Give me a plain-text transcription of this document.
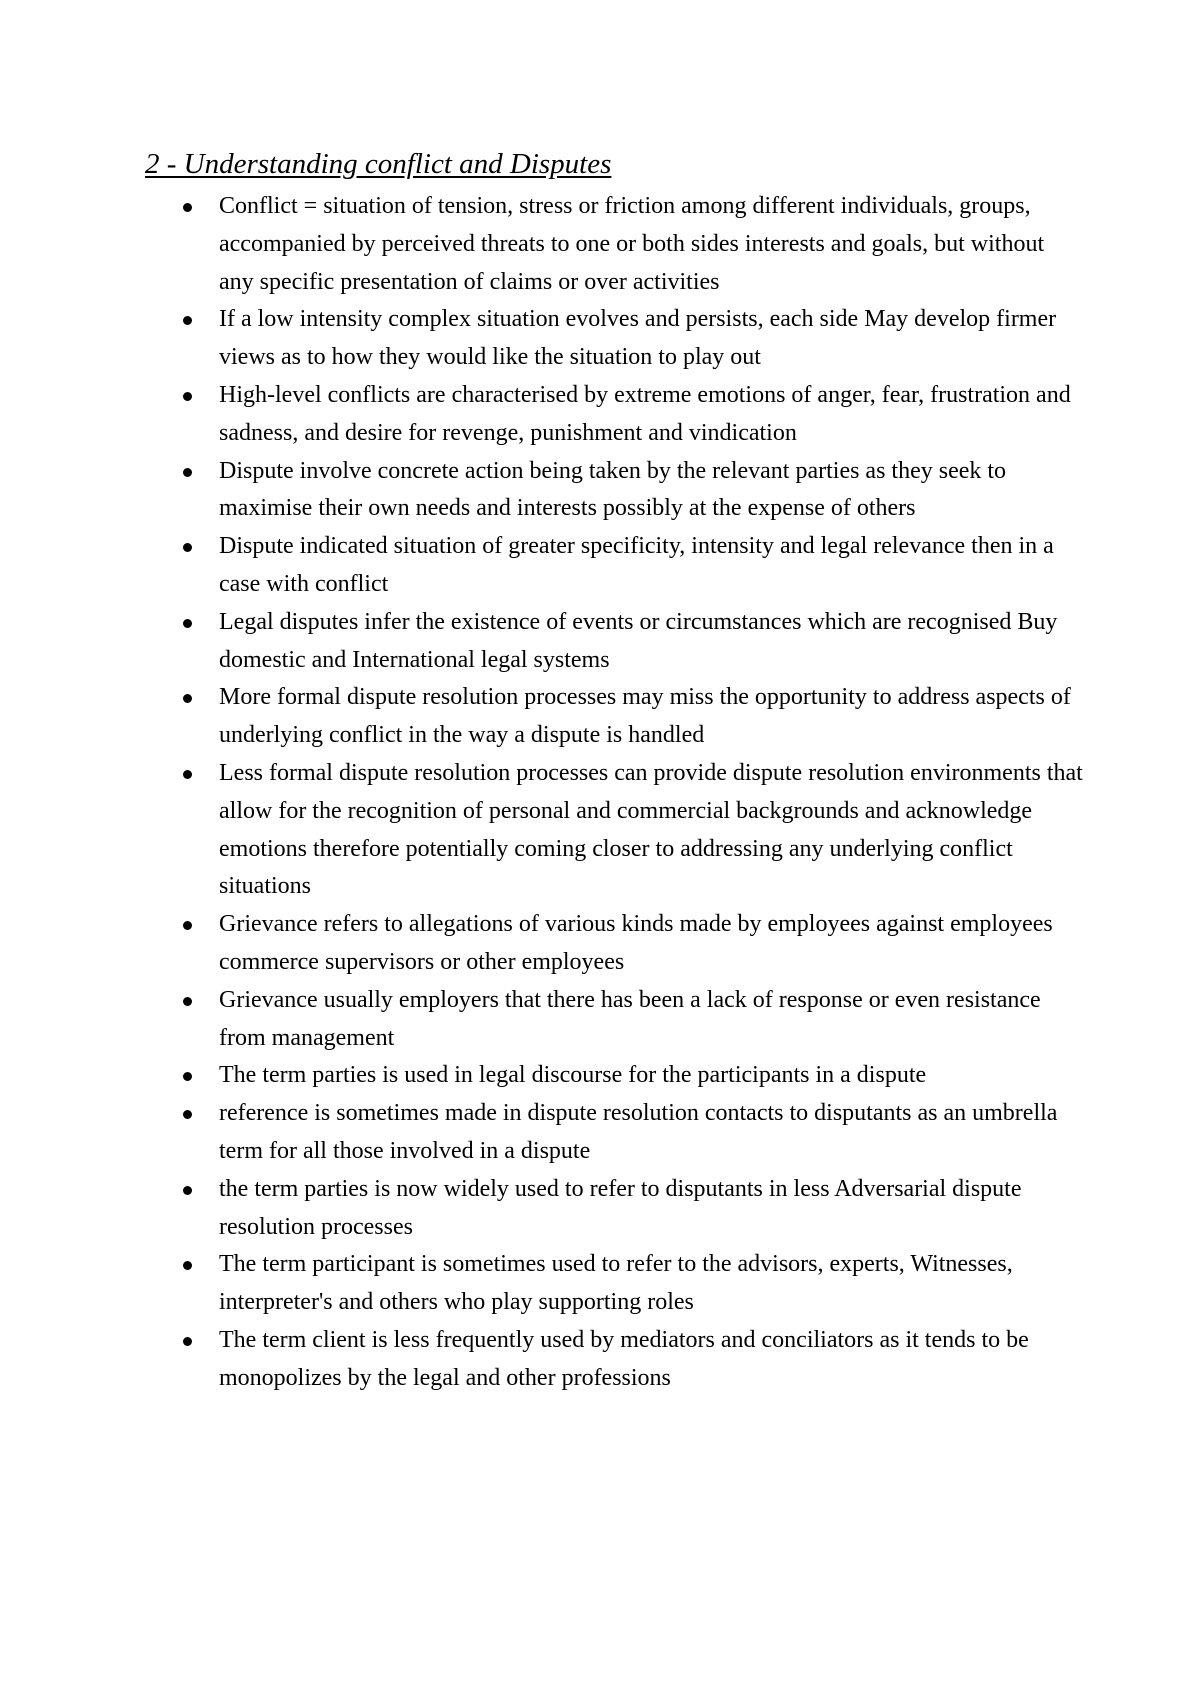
2 - Understanding conflict and Disputes
Conflict = situation of tension, stress or friction among different individuals, groups, accompanied by perceived threats to one or both sides interests and goals, but without any specific presentation of claims or over activities
If a low intensity complex situation evolves and persists, each side May develop firmer views as to how they would like the situation to play out
High-level conflicts are characterised by extreme emotions of anger, fear, frustration and sadness, and desire for revenge, punishment and vindication
Dispute involve concrete action being taken by the relevant parties as they seek to maximise their own needs and interests possibly at the expense of others
Dispute indicated situation of greater specificity, intensity and legal relevance then in a case with conflict
Legal disputes infer the existence of events or circumstances which are recognised Buy domestic and International legal systems
More formal dispute resolution processes may miss the opportunity to address aspects of underlying conflict in the way a dispute is handled
Less formal dispute resolution processes can provide dispute resolution environments that allow for the recognition of personal and commercial backgrounds and acknowledge emotions therefore potentially coming closer to addressing any underlying conflict situations
Grievance refers to allegations of various kinds made by employees against employees commerce supervisors or other employees
Grievance usually employers that there has been a lack of response or even resistance from management
The term parties is used in legal discourse for the participants in a dispute
reference is sometimes made in dispute resolution contacts to disputants as an umbrella term for all those involved in a dispute
the term parties is now widely used to refer to disputants in less Adversarial dispute resolution processes
The term participant is sometimes used to refer to the advisors, experts, Witnesses, interpreter's and others who play supporting roles
The term client is less frequently used by mediators and conciliators as it tends to be monopolizes by the legal and other professions
